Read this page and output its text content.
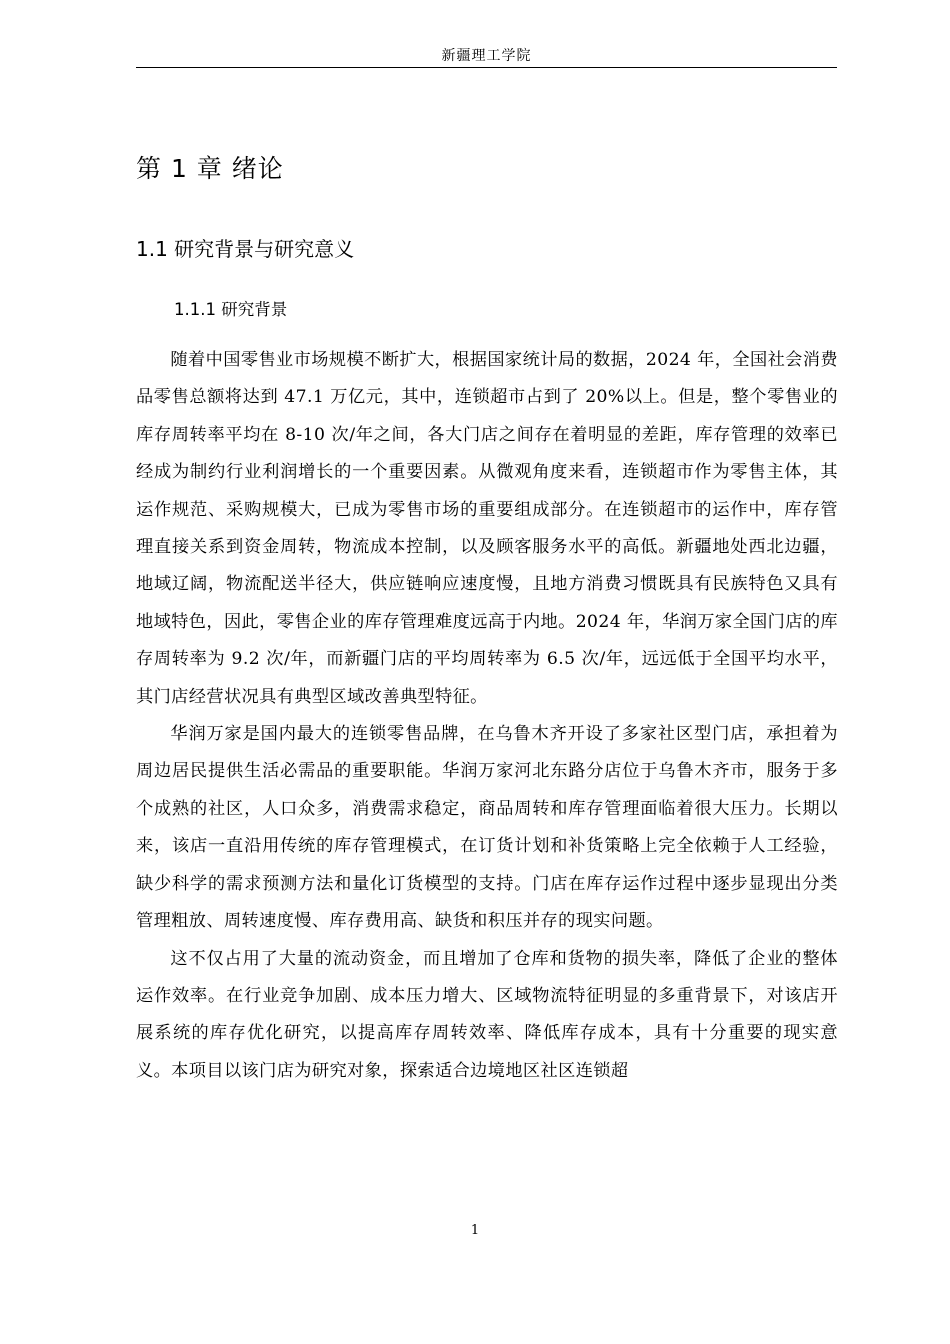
新疆理工学院
第 1 章 绪论
1.1 研究背景与研究意义
1.1.1 研究背景

随着中国零售业市场规模不断扩大，根据国家统计局的数据，2024 年，全国社会消费品零售总额将达到 47.1 万亿元，其中，连锁超市占到了 20%以上。但是，整个零售业的库存周转率平均在 8-10 次/年之间，各大门店之间存在着明显的差距，库存管理的效率已经成为制约行业利润增长的一个重要因素。从微观角度来看，连锁超市作为零售主体，其运作规范、采购规模大，已成为零售市场的重要组成部分。在连锁超市的运作中，库存管理直接关系到资金周转，物流成本控制，以及顾客服务水平的高低。新疆地处西北边疆，地域辽阔，物流配送半径大，供应链响应速度慢，且地方消费习惯既具有民族特色又具有地域特色，因此，零售企业的库存管理难度远高于内地。2024 年，华润万家全国门店的库存周转率为 9.2 次/年，而新疆门店的平均周转率为 6.5 次/年，远远低于全国平均水平，其门店经营状况具有典型区域改善典型特征。

华润万家是国内最大的连锁零售品牌，在乌鲁木齐开设了多家社区型门店，承担着为周边居民提供生活必需品的重要职能。华润万家河北东路分店位于乌鲁木齐市，服务于多个成熟的社区，人口众多，消费需求稳定，商品周转和库存管理面临着很大压力。长期以来，该店一直沿用传统的库存管理模式，在订货计划和补货策略上完全依赖于人工经验，缺少科学的需求预测方法和量化订货模型的支持。门店在库存运作过程中逐步显现出分类管理粗放、周转速度慢、库存费用高、缺货和积压并存的现实问题。

这不仅占用了大量的流动资金，而且增加了仓库和货物的损失率，降低了企业的整体运作效率。在行业竞争加剧、成本压力增大、区域物流特征明显的多重背景下，对该店开展系统的库存优化研究，以提高库存周转效率、降低库存成本，具有十分重要的现实意义。本项目以该门店为研究对象，探索适合边境地区社区连锁超

1
